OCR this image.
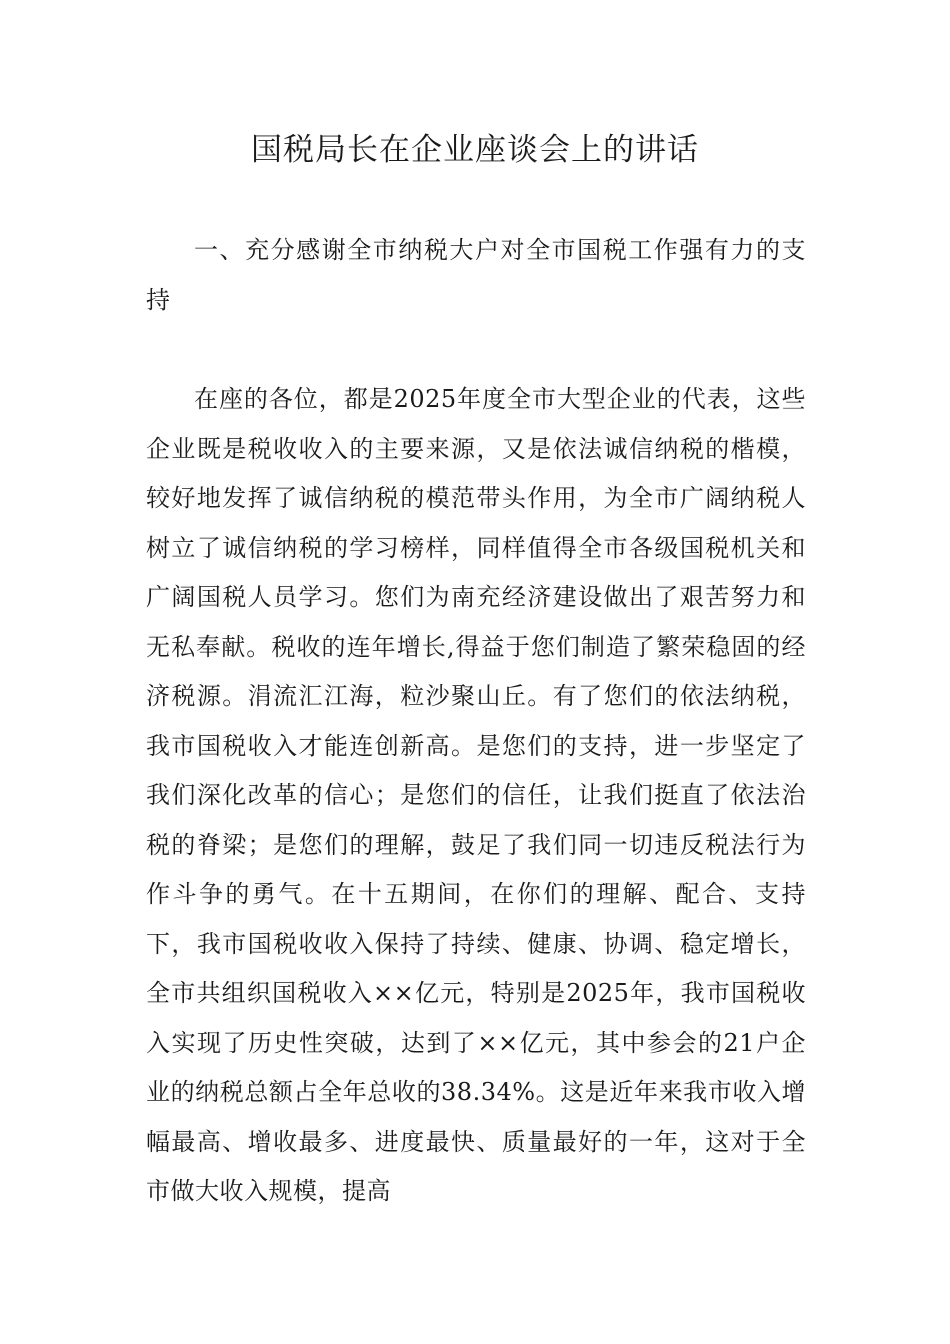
国税局长在企业座谈会上的讲话

一、充分感谢全市纳税大户对全市国税工作强有力的支持

在座的各位，都是2025年度全市大型企业的代表，这些企业既是税收收入的主要来源，又是依法诚信纳税的楷模，较好地发挥了诚信纳税的模范带头作用，为全市广阔纳税人树立了诚信纳税的学习榜样，同样值得全市各级国税机关和广阔国税人员学习。您们为南充经济建设做出了艰苦努力和无私奉献。税收的连年增长,得益于您们制造了繁荣稳固的经济税源。涓流汇江海，粒沙聚山丘。有了您们的依法纳税，我市国税收入才能连创新高。是您们的支持，进一步坚定了我们深化改革的信心；是您们的信任，让我们挺直了依法治税的脊梁；是您们的理解，鼓足了我们同一切违反税法行为作斗争的勇气。在十五期间，在你们的理解、配合、支持下，我市国税收收入保持了持续、健康、协调、稳定增长，全市共组织国税收入××亿元，特别是2025年，我市国税收入实现了历史性突破，达到了××亿元，其中参会的21户企业的纳税总额占全年总收的38.34%。这是近年来我市收入增幅最高、增收最多、进度最快、质量最好的一年，这对于全市做大收入规模，提高
